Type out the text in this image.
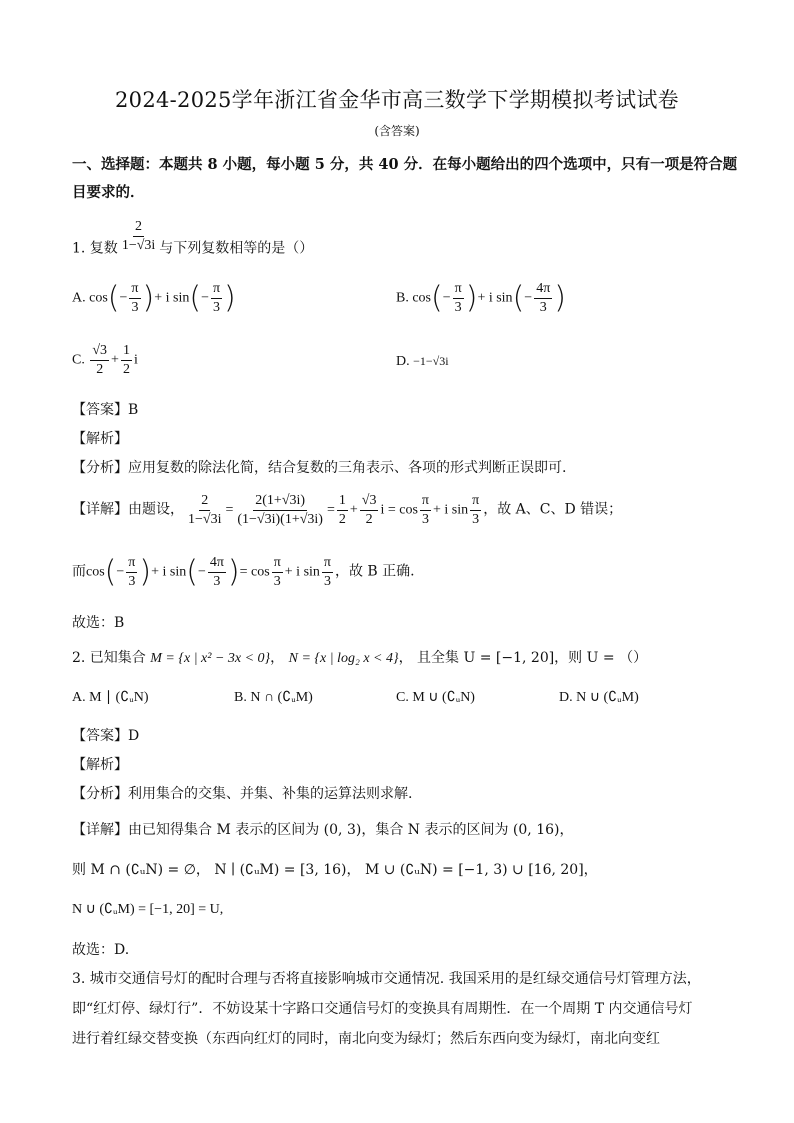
2024-2025学年浙江省金华市高三数学下学期模拟考试试卷
(含答案)
一、选择题：本题共 8 小题，每小题 5 分，共 40 分．在每小题给出的四个选项中，只有一项是符合题
目要求的．
1. 复数 $\frac{2}{1-√3i}$ 与下列复数相等的是（）
A. $\cos(- \frac{\pi}{3}$ )+ i $\sin(- \frac{\pi}{3}$ )	B. $\cos(- \frac{\pi}{3}$ )+ i $\sin(- \frac{4\pi}{3}$ )
C. $\frac{√3}{2} + \frac{1}{2}$ i	D. −1−√3i
【答案】B
【解析】
【分析】应用复数的除法化简，结合复数的三角表示、各项的形式判断正误即可.
【详解】由题设， $\frac{2}{1-√3i} = \frac{2(1+√3i)}{(1-√3i)(1+√3i)} = \frac{1}{2} + \frac{√3}{2}$ $i = \cos \frac{\pi}{3} + i$ $\sin \frac{\pi}{3}$ ，故 A、C、D 错误；
而$\cos(- \frac{\pi}{3}$ )+ i $\sin(- \frac{4\pi}{3}$ )= $\cos \frac{\pi}{3} + i$ $\sin \frac{\pi}{3}$ ，故 B 正确.
故选：B
2. 已知集合 M = {x | x² − 3x < 0}， N = {x | log₂ x < 4}， 且全集 U = [−1, 20]，则 U = （）
A. M ∣ (∁ᵤN)	B. N ∩ (∁ᵤM)	C. M ∪ (∁ᵤN)	D. N ∪ (∁ᵤM)
【答案】D
【解析】
【分析】利用集合的交集、并集、补集的运算法则求解.
【详解】由已知得集合 M 表示的区间为 (0, 3)，集合 N 表示的区间为 (0, 16)，
则 M ∩ (∁ᵤN) = ∅， N ∣ (∁ᵤM) = [3, 16)， M ∪ (∁ᵤN) = [−1, 3) ∪ [16, 20]，
N ∪ (∁ᵤM) = [−1, 20] = U,
故选：D.
3. 城市交通信号灯的配时合理与否将直接影响城市交通情况. 我国采用的是红绿交通信号灯管理方法，
即“红灯停、绿灯行”．不妨设某十字路口交通信号灯的变换具有周期性．在一个周期 T 内交通信号灯
进行着红绿交替变换（东西向红灯的同时，南北向变为绿灯；然后东西向变为绿灯，南北向变红
